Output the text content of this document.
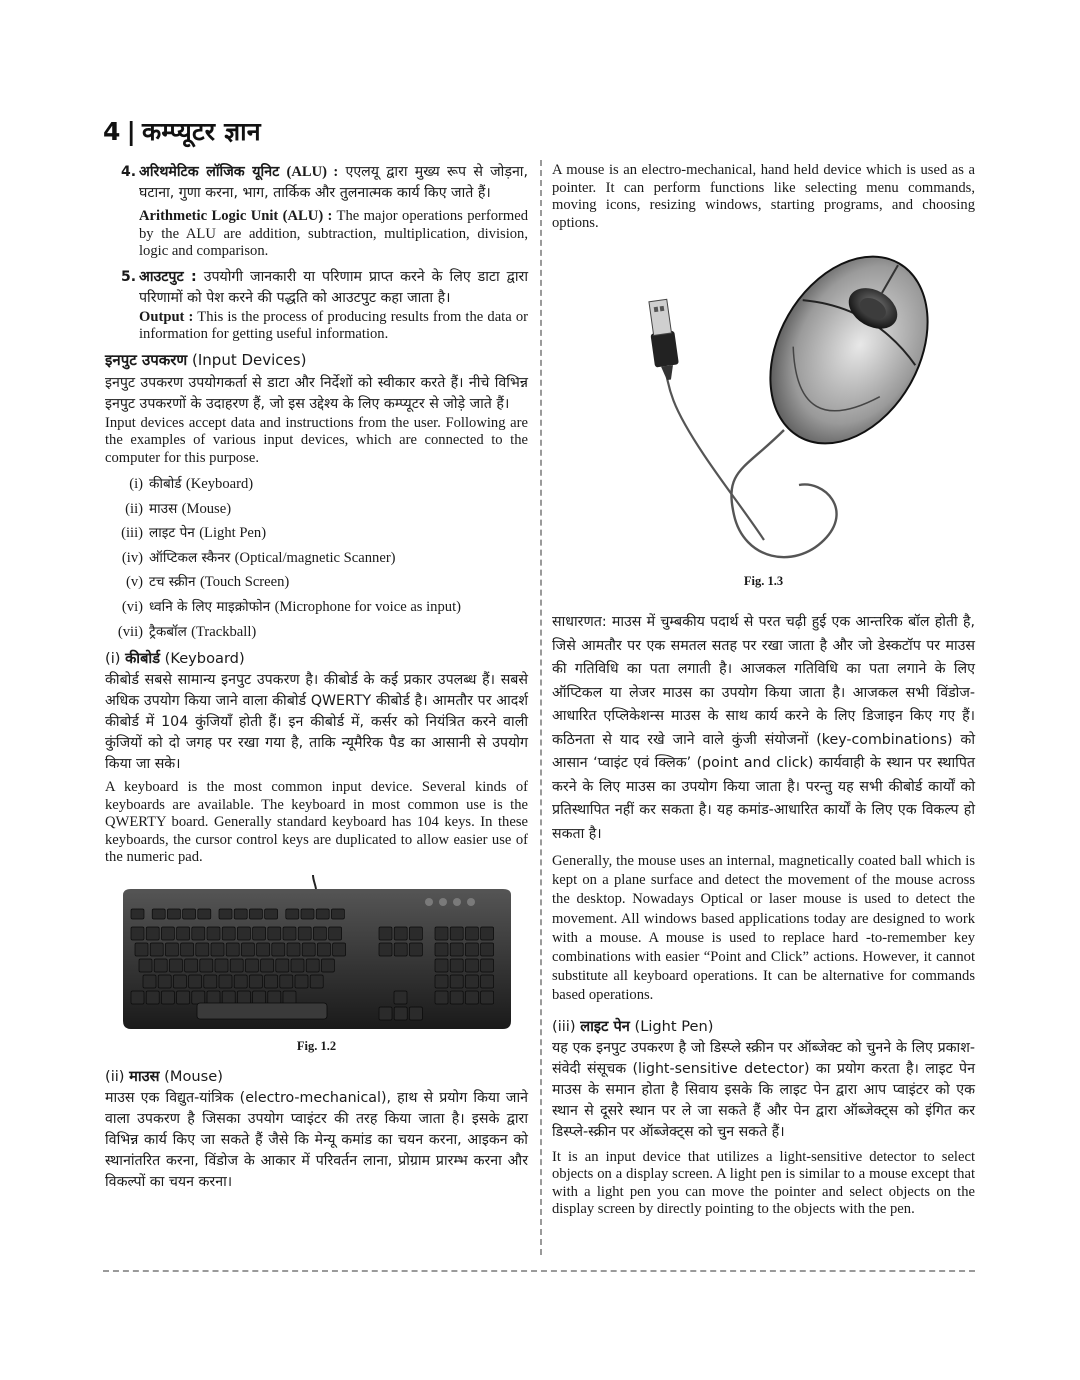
4 | कम्प्यूटर ज्ञान
4. अरिथमेटिक लॉजिक यूनिट (ALU) : एएलयू द्वारा मुख्य रूप से जोड़ना, घटाना, गुणा करना, भाग, तार्किक और तुलनात्मक कार्य किए जाते हैं।

Arithmetic Logic Unit (ALU) : The major operations performed by the ALU are addition, subtraction, multiplication, division, logic and comparison.

5. आउटपुट : उपयोगी जानकारी या परिणाम प्राप्त करने के लिए डाटा द्वारा परिणामों को पेश करने की पद्धति को आउटपुट कहा जाता है।

Output : This is the process of producing results from the data or information for getting useful information.

इनपुट उपकरण (Input Devices)

इनपुट उपकरण उपयोगकर्ता से डाटा और निर्देशों को स्वीकार करते हैं। नीचे विभिन्न इनपुट उपकरणों के उदाहरण हैं, जो इस उद्देश्य के लिए कम्प्यूटर से जोड़े जाते हैं।

Input devices accept data and instructions from the user. Following are the examples of various input devices, which are connected to the computer for this purpose.

(i) कीबोर्ड
(Keyboard)
(ii) माउस
(Mouse)
(iii) लाइट पेन
(Light Pen)
(iv) ऑप्टिकल स्कैनर
(Optical/magnetic Scanner)
(v) टच स्क्रीन
(Touch Screen)
(vi) ध्वनि के लिए माइक्रोफोन
(Microphone for voice as input)
(vii) ट्रैकबॉल
(Trackball)
(i) कीबोर्ड (Keyboard)

कीबोर्ड सबसे सामान्य इनपुट उपकरण है। कीबोर्ड के कई प्रकार उपलब्ध हैं। सबसे अधिक उपयोग किया जाने वाला कीबोर्ड QWERTY कीबोर्ड है। आमतौर पर आदर्श कीबोर्ड में 104 कुंजियाँ होती हैं। इन कीबोर्ड में, कर्सर को नियंत्रित करने वाली कुंजियों को दो जगह पर रखा गया है, ताकि न्यूमैरिक पैड का आसानी से उपयोग किया जा सके।

A keyboard is the most common input device. Several kinds of keyboards are available. The keyboard in most common use is the QWERTY board. Generally standard keyboard has 104 keys. In these keyboards, the cursor control keys are duplicated to allow easier use of the numeric pad.

Fig. 1.2
(ii) माउस (Mouse)

माउस एक विद्युत-यांत्रिक (electro-mechanical), हाथ से प्रयोग किया जाने वाला उपकरण है जिसका उपयोग प्वाइंटर की तरह किया जाता है। इसके द्वारा विभिन्न कार्य किए जा सकते हैं जैसे कि मेन्यू कमांड का चयन करना, आइकन को स्थानांतरित करना, विंडोज के आकार में परिवर्तन लाना, प्रोग्राम प्रारम्भ करना और विकल्पों का चयन करना।

A mouse is an electro-mechanical, hand held device which is used as a pointer. It can perform functions like selecting menu commands, moving icons, resizing windows, starting programs, and choosing options.

Fig. 1.3

साधारणत: माउस में चुम्बकीय पदार्थ से परत चढ़ी हुई एक आन्तरिक बॉल होती है, जिसे आमतौर पर एक समतल सतह पर रखा जाता है और जो डेस्कटॉप पर माउस की गतिविधि का पता लगाती है। आजकल गतिविधि का पता लगाने के लिए ऑप्टिकल या लेजर माउस का उपयोग किया जाता है। आजकल सभी विंडोज-आधारित एप्लिकेशन्स माउस के साथ कार्य करने के लिए डिजाइन किए गए हैं। कठिनता से याद रखे जाने वाले कुंजी संयोजनों (key-combinations) को आसान ‘प्वाइंट एवं क्लिक’ (point and click) कार्यवाही के स्थान पर स्थापित करने के लिए माउस का उपयोग किया जाता है। परन्तु यह सभी कीबोर्ड कार्यों को प्रतिस्थापित नहीं कर सकता है। यह कमांड-आधारित कार्यों के लिए एक विकल्प हो सकता है।

Generally, the mouse uses an internal, magnetically coated ball which is kept on a plane surface and detect the movement of the mouse across the desktop. Nowadays Optical or laser mouse is used to detect the movement. All windows based applications today are designed to work with a mouse. A mouse is used to replace hard -to-remember key combinations with easier “Point and Click” actions. However, it cannot substitute all keyboard operations. It can be alternative for commands based operations.

(iii) लाइट पेन (Light Pen)

यह एक इनपुट उपकरण है जो डिस्प्ले स्क्रीन पर ऑब्जेक्ट को चुनने के लिए प्रकाश-संवेदी संसूचक (light-sensitive detector) का प्रयोग करता है। लाइट पेन माउस के समान होता है सिवाय इसके कि लाइट पेन द्वारा आप प्वाइंटर को एक स्थान से दूसरे स्थान पर ले जा सकते हैं और पेन द्वारा ऑब्जेक्ट्स को इंगित कर डिस्प्ले-स्क्रीन पर ऑब्जेक्ट्स को चुन सकते हैं।

It is an input device that utilizes a light-sensitive detector to select objects on a display screen. A light pen is similar to a mouse except that with a light pen you can move the pointer and select objects on the display screen by directly pointing to the objects with the pen.
